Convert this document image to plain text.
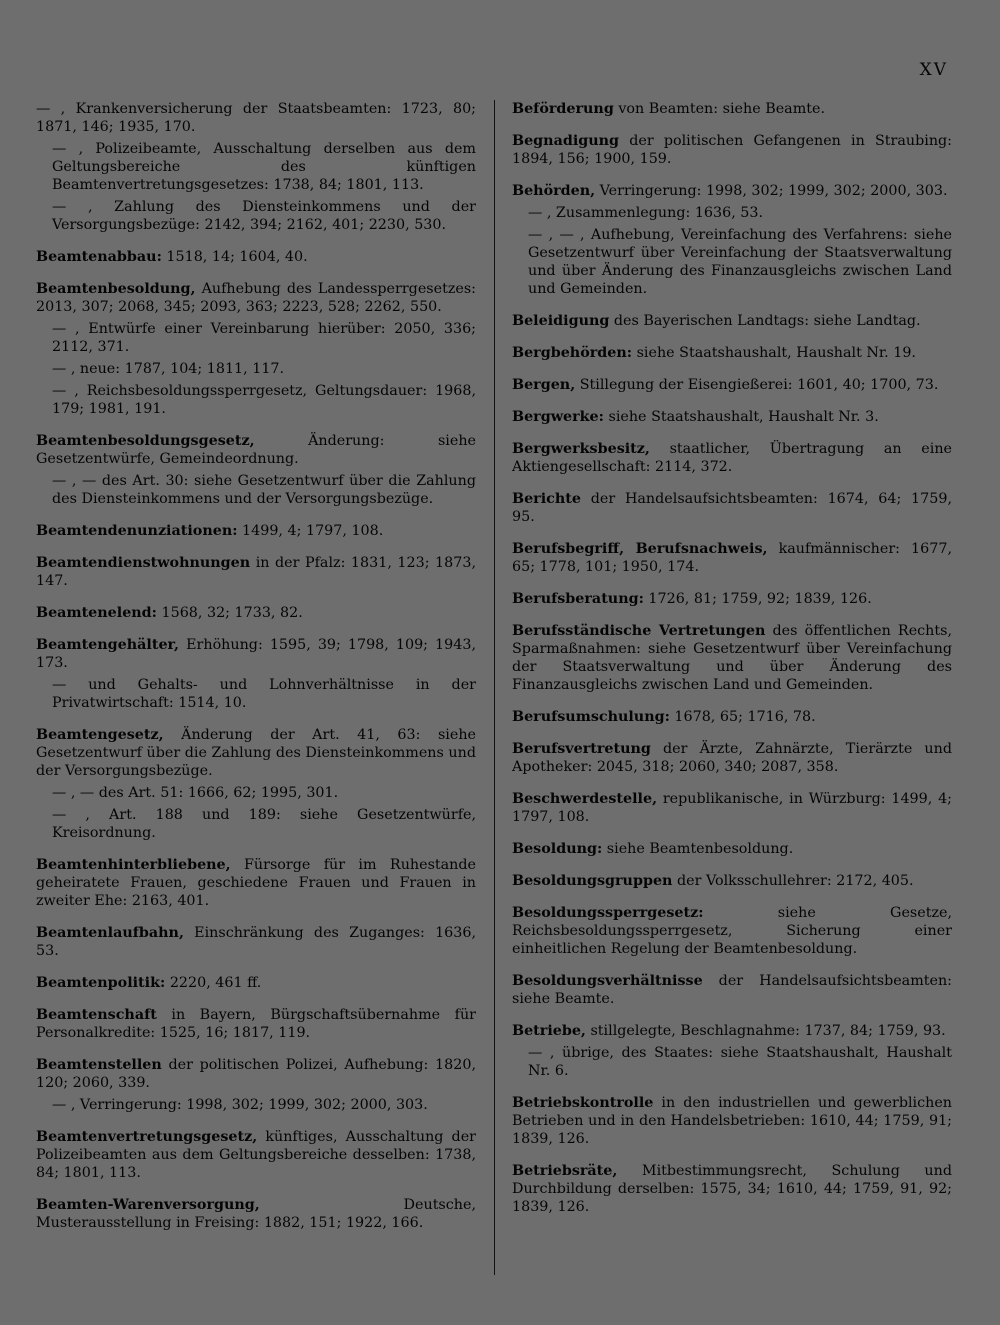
XV
— , Krankenversicherung der Staatsbeamten: 1723, 80; 1871, 146; 1935, 170.
— , Polizeibeamte, Ausschaltung derselben aus dem Geltungsbereiche des künftigen Beamtenvertretungsgesetzes: 1738, 84; 1801, 113.
— , Zahlung des Diensteinkommens und der Versorgungsbezüge: 2142, 394; 2162, 401; 2230, 530.
Beamtenabbau: 1518, 14; 1604, 40.
Beamtenbesoldung, Aufhebung des Landessperrgesetzes: 2013, 307; 2068, 345; 2093, 363; 2223, 528; 2262, 550.
— , Entwürfe einer Vereinbarung hierüber: 2050, 336; 2112, 371.
— , neue: 1787, 104; 1811, 117.
— , Reichsbesoldungssperrgesetz, Geltungsdauer: 1968, 179; 1981, 191.
Beamtenbesoldungsgesetz, Änderung: siehe Gesetzentwürfe, Gemeindeordnung.
— , — des Art. 30: siehe Gesetzentwurf über die Zahlung des Diensteinkommens und der Versorgungsbezüge.
Beamtendenunziationen: 1499, 4; 1797, 108.
Beamtendienstwohnungen in der Pfalz: 1831, 123; 1873, 147.
Beamtenelend: 1568, 32; 1733, 82.
Beamtengehälter, Erhöhung: 1595, 39; 1798, 109; 1943, 173.
— und Gehalts- und Lohnverhältnisse in der Privatwirtschaft: 1514, 10.
Beamtengesetz, Änderung der Art. 41, 63: siehe Gesetzentwurf über die Zahlung des Diensteinkommens und der Versorgungsbezüge.
— , — des Art. 51: 1666, 62; 1995, 301.
— , Art. 188 und 189: siehe Gesetzentwürfe, Kreisordnung.
Beamtenhinterbliebene, Fürsorge für im Ruhestande geheiratete Frauen, geschiedene Frauen und Frauen in zweiter Ehe: 2163, 401.
Beamtenlaufbahn, Einschränkung des Zuganges: 1636, 53.
Beamtenpolitik: 2220, 461 ff.
Beamtenschaft in Bayern, Bürgschaftsübernahme für Personalkredite: 1525, 16; 1817, 119.
Beamtenstellen der politischen Polizei, Aufhebung: 1820, 120; 2060, 339.
— , Verringerung: 1998, 302; 1999, 302; 2000, 303.
Beamtenvertretungsgesetz, künftiges, Ausschaltung der Polizeibeamten aus dem Geltungsbereiche desselben: 1738, 84; 1801, 113.
Beamten-Warenversorgung, Deutsche, Musterausstellung in Freising: 1882, 151; 1922, 166.
Beförderung von Beamten: siehe Beamte.
Begnadigung der politischen Gefangenen in Straubing: 1894, 156; 1900, 159.
Behörden, Verringerung: 1998, 302; 1999, 302; 2000, 303.
— , Zusammenlegung: 1636, 53.
— , — , Aufhebung, Vereinfachung des Verfahrens: siehe Gesetzentwurf über Vereinfachung der Staatsverwaltung und über Änderung des Finanzausgleichs zwischen Land und Gemeinden.
Beleidigung des Bayerischen Landtags: siehe Landtag.
Bergbehörden: siehe Staatshaushalt, Haushalt Nr. 19.
Bergen, Stillegung der Eisengießerei: 1601, 40; 1700, 73.
Bergwerke: siehe Staatshaushalt, Haushalt Nr. 3.
Bergwerksbesitz, staatlicher, Übertragung an eine Aktiengesellschaft: 2114, 372.
Berichte der Handelsaufsichtsbeamten: 1674, 64; 1759, 95.
Berufsbegriff, Berufsnachweis, kaufmännischer: 1677, 65; 1778, 101; 1950, 174.
Berufsberatung: 1726, 81; 1759, 92; 1839, 126.
Berufsständische Vertretungen des öffentlichen Rechts, Sparmaßnahmen: siehe Gesetzentwurf über Vereinfachung der Staatsverwaltung und über Änderung des Finanzausgleichs zwischen Land und Gemeinden.
Berufsumschulung: 1678, 65; 1716, 78.
Berufsvertretung der Ärzte, Zahnärzte, Tierärzte und Apotheker: 2045, 318; 2060, 340; 2087, 358.
Beschwerdestelle, republikanische, in Würzburg: 1499, 4; 1797, 108.
Besoldung: siehe Beamtenbesoldung.
Besoldungsgruppen der Volksschullehrer: 2172, 405.
Besoldungssperrgesetz: siehe Gesetze, Reichsbesoldungssperrgesetz, Sicherung einer einheitlichen Regelung der Beamtenbesoldung.
Besoldungsverhältnisse der Handelsaufsichtsbeamten: siehe Beamte.
Betriebe, stillgelegte, Beschlagnahme: 1737, 84; 1759, 93.
— , übrige, des Staates: siehe Staatshaushalt, Haushalt Nr. 6.
Betriebskontrolle in den industriellen und gewerblichen Betrieben und in den Handelsbetrieben: 1610, 44; 1759, 91; 1839, 126.
Betriebsräte, Mitbestimmungsrecht, Schulung und Durchbildung derselben: 1575, 34; 1610, 44; 1759, 91, 92; 1839, 126.
